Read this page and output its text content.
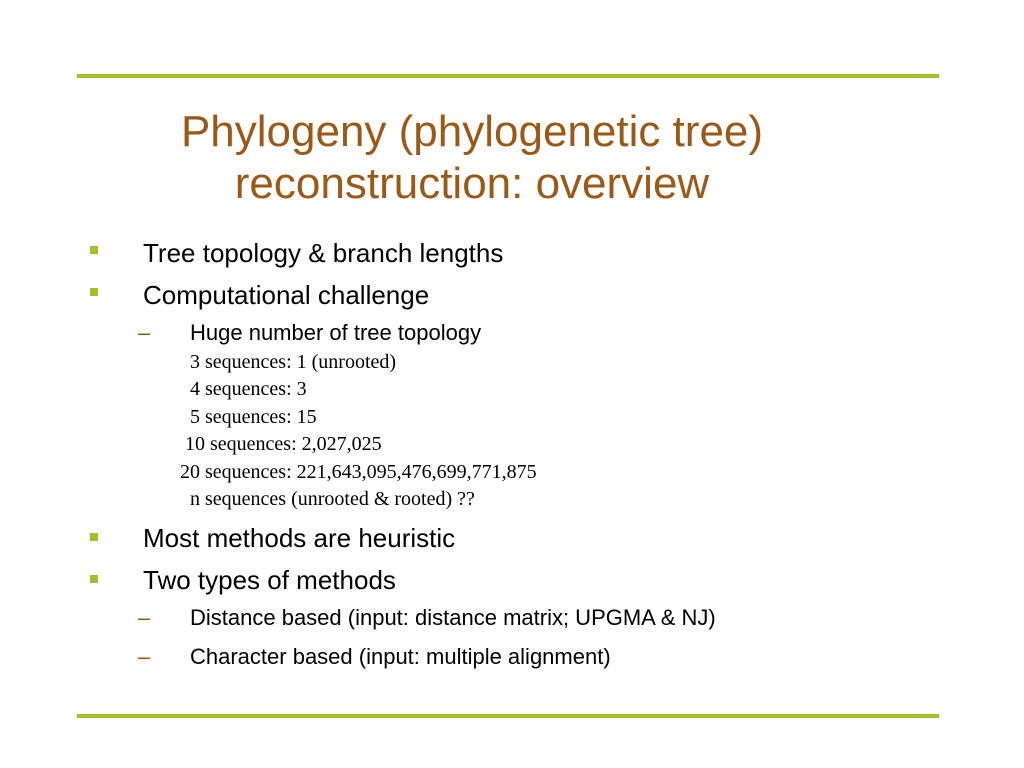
Phylogeny (phylogenetic tree)
reconstruction: overview
Tree topology & branch lengths
Computational challenge
– Huge number of tree topology
3 sequences: 1 (unrooted)
4 sequences: 3
5 sequences: 15
10 sequences: 2,027,025
20 sequences: 221,643,095,476,699,771,875
n sequences (unrooted & rooted) ??
Most methods are heuristic
Two types of methods
– Distance based (input: distance matrix; UPGMA & NJ)
– Character based (input: multiple alignment)
